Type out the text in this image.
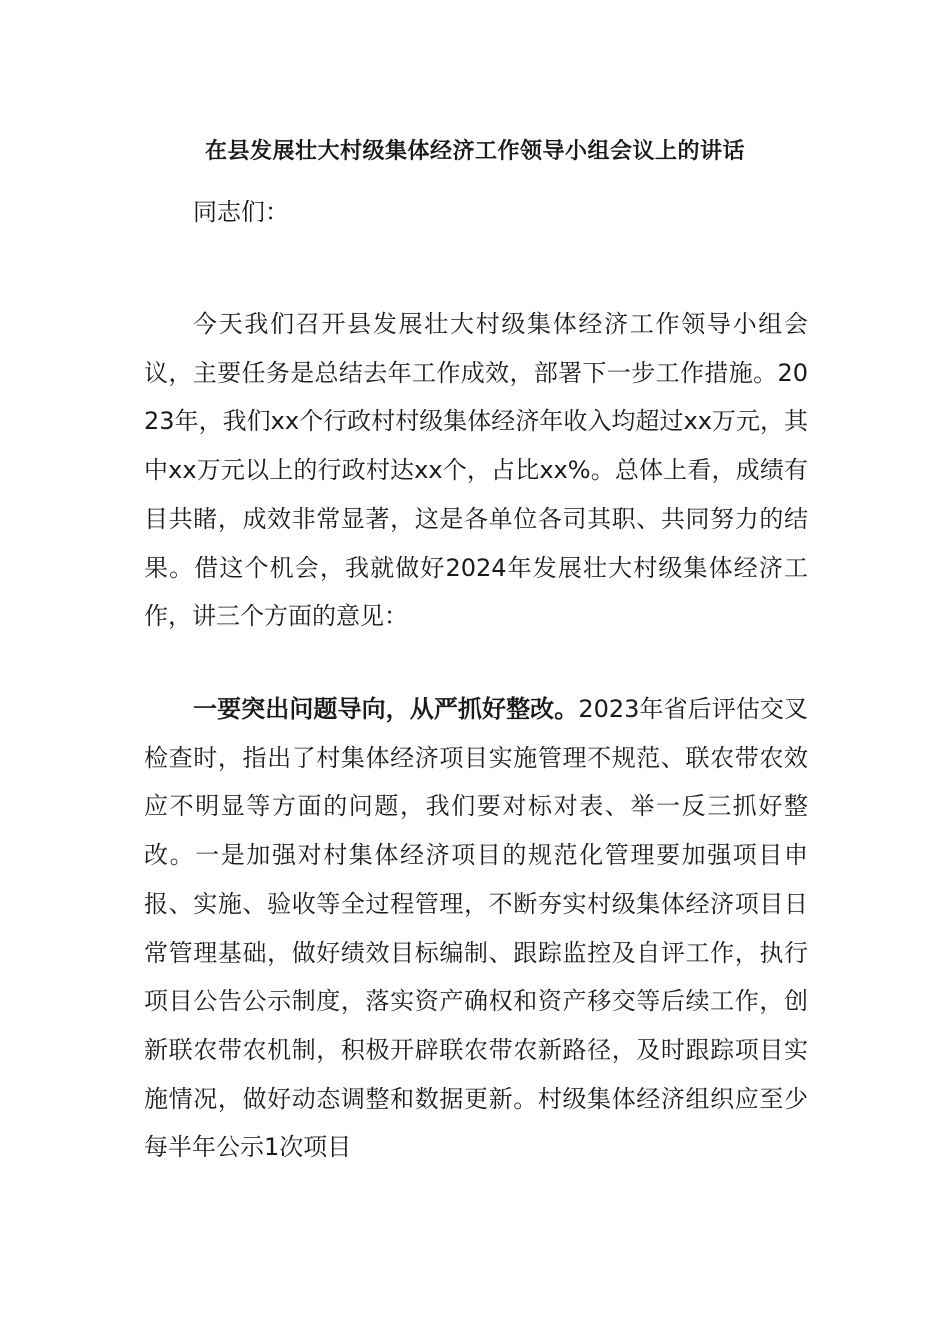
在县发展壮大村级集体经济工作领导小组会议上的讲话

同志们：

今天我们召开县发展壮大村级集体经济工作领导小组会议，主要任务是总结去年工作成效，部署下一步工作措施。2023年，我们xx个行政村村级集体经济年收入均超过xx万元，其中xx万元以上的行政村达xx个，占比xx%。总体上看，成绩有目共睹，成效非常显著，这是各单位各司其职、共同努力的结果。借这个机会，我就做好2024年发展壮大村级集体经济工作，讲三个方面的意见：

一要突出问题导向，从严抓好整改。2023年省后评估交叉检查时，指出了村集体经济项目实施管理不规范、联农带农效应不明显等方面的问题，我们要对标对表、举一反三抓好整改。一是加强对村集体经济项目的规范化管理要加强项目申报、实施、验收等全过程管理，不断夯实村级集体经济项目日常管理基础，做好绩效目标编制、跟踪监控及自评工作，执行项目公告公示制度，落实资产确权和资产移交等后续工作，创新联农带农机制，积极开辟联农带农新路径，及时跟踪项目实施情况，做好动态调整和数据更新。村级集体经济组织应至少每半年公示1次项目
